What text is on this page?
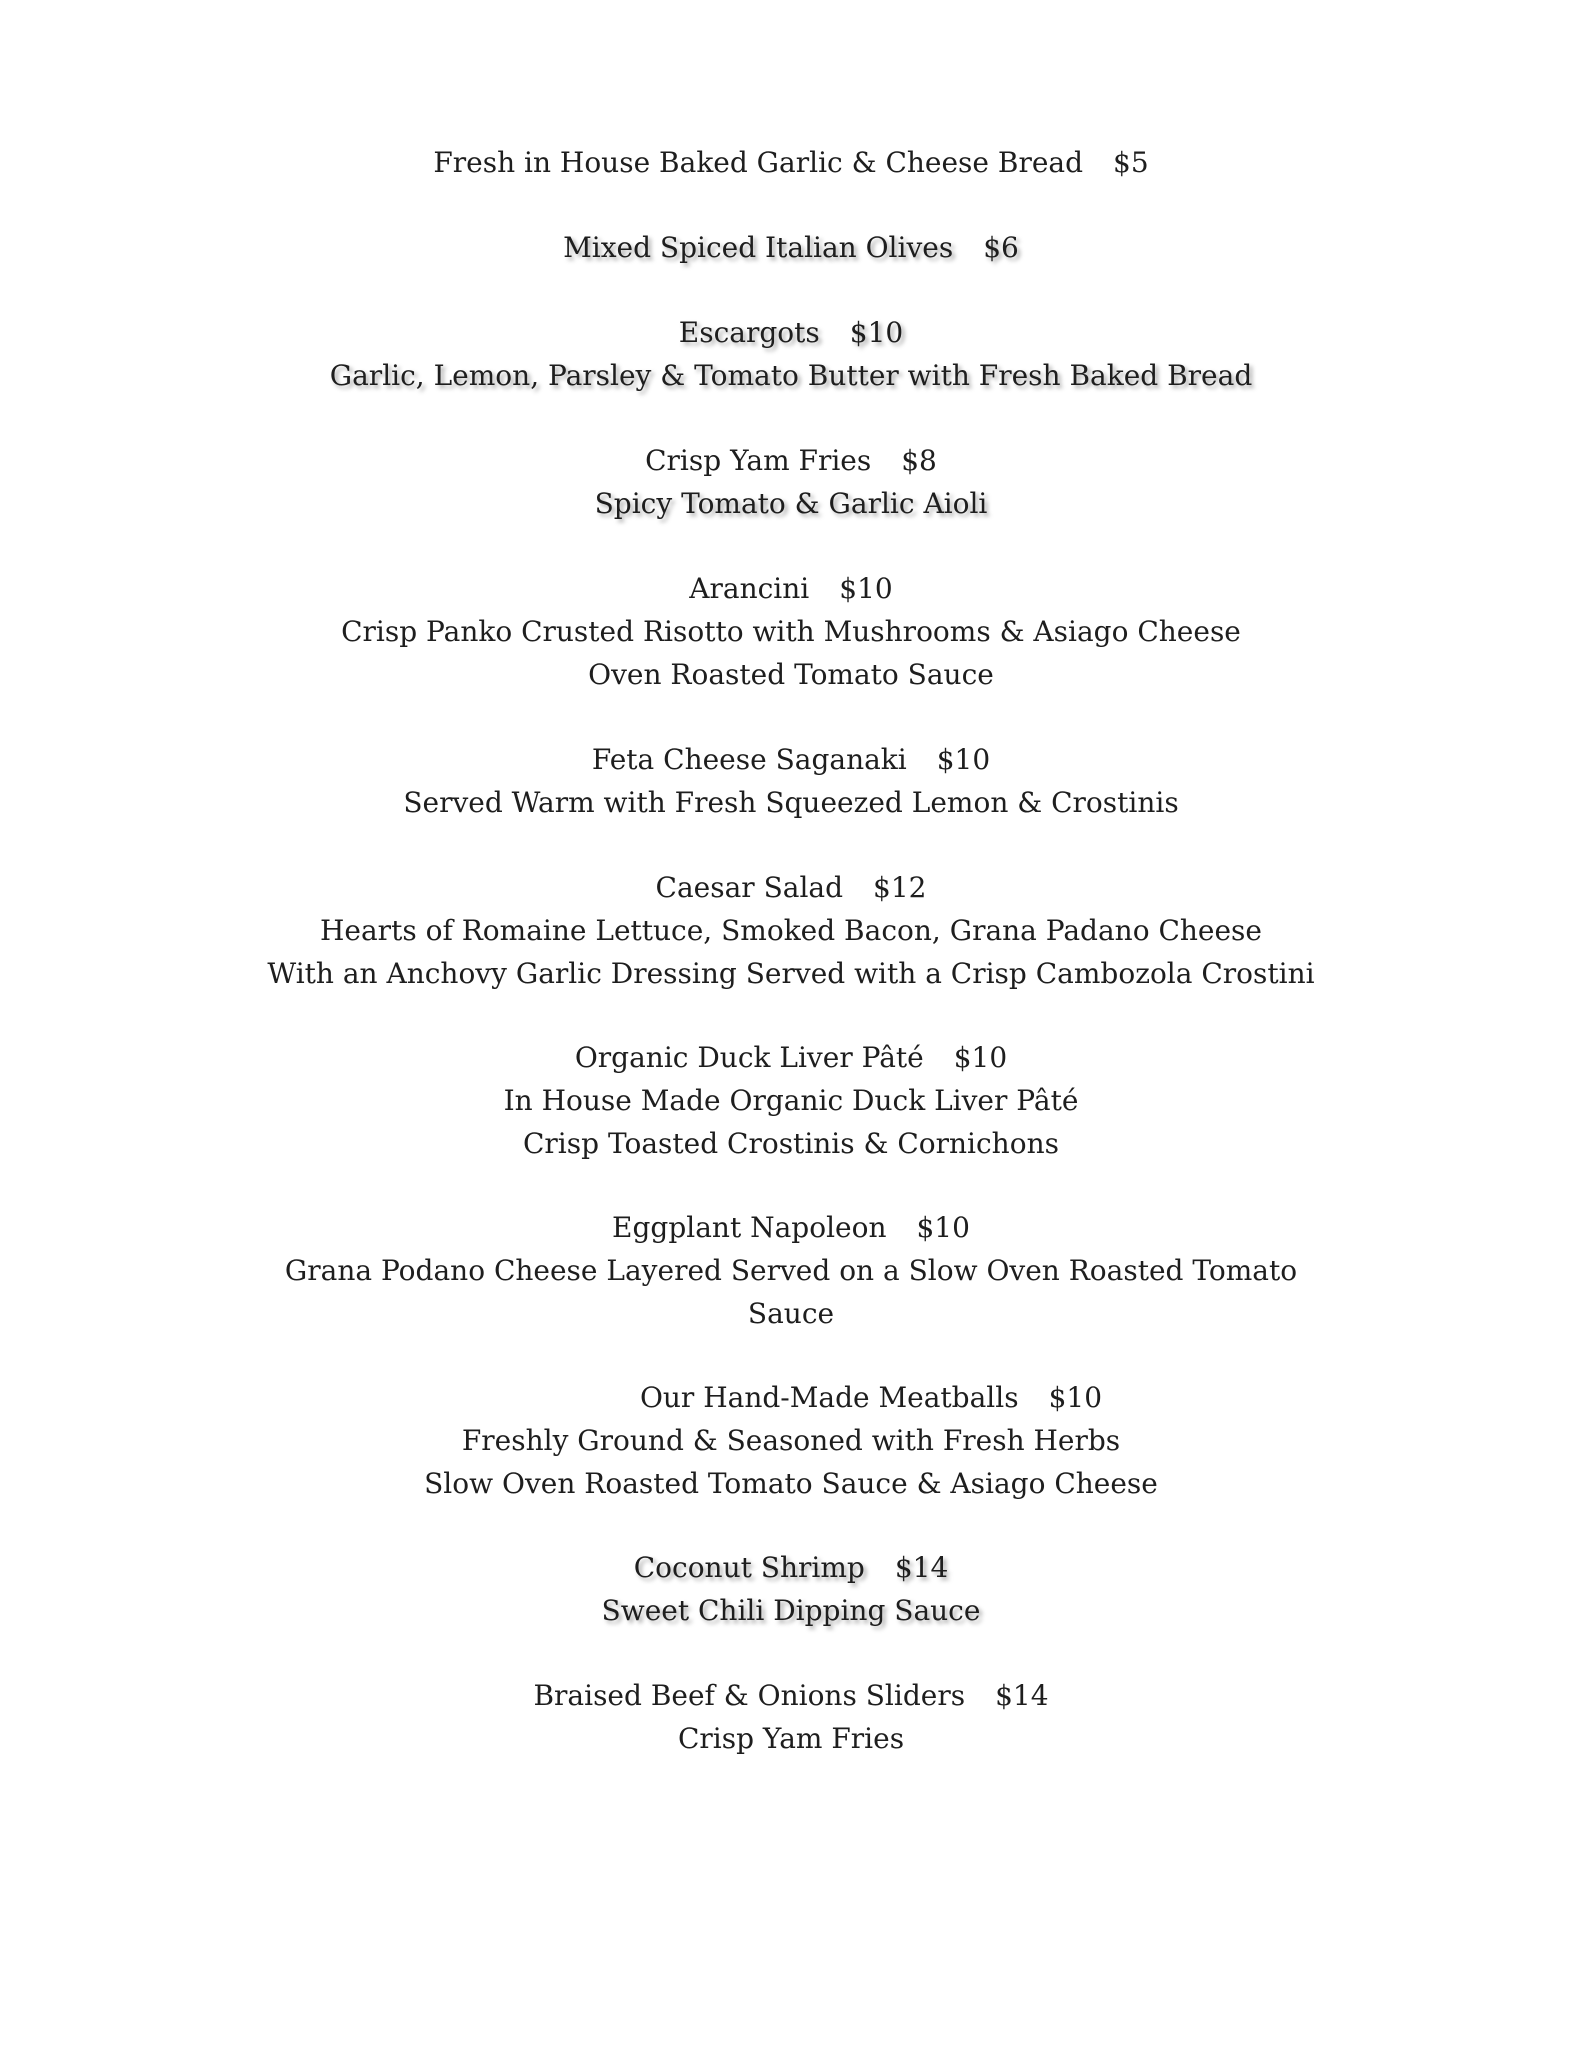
Fresh in House Baked Garlic & Cheese Bread $5
Mixed Spiced Italian Olives $6
Escargots $10
Garlic, Lemon, Parsley & Tomato Butter with Fresh Baked Bread
Crisp Yam Fries $8
Spicy Tomato & Garlic Aioli
Arancini $10
Crisp Panko Crusted Risotto with Mushrooms & Asiago Cheese
Oven Roasted Tomato Sauce
Feta Cheese Saganaki $10
Served Warm with Fresh Squeezed Lemon & Crostinis
Caesar Salad $12
Hearts of Romaine Lettuce, Smoked Bacon, Grana Padano Cheese
With an Anchovy Garlic Dressing Served with a Crisp Cambozola Crostini
Organic Duck Liver Pâté $10
In House Made Organic Duck Liver Pâté
Crisp Toasted Crostinis & Cornichons
Eggplant Napoleon $10
Grana Podano Cheese Layered Served on a Slow Oven Roasted Tomato
Sauce
Our Hand-Made Meatballs $10
Freshly Ground & Seasoned with Fresh Herbs
Slow Oven Roasted Tomato Sauce & Asiago Cheese
Coconut Shrimp $14
Sweet Chili Dipping Sauce
Braised Beef & Onions Sliders $14
Crisp Yam Fries
